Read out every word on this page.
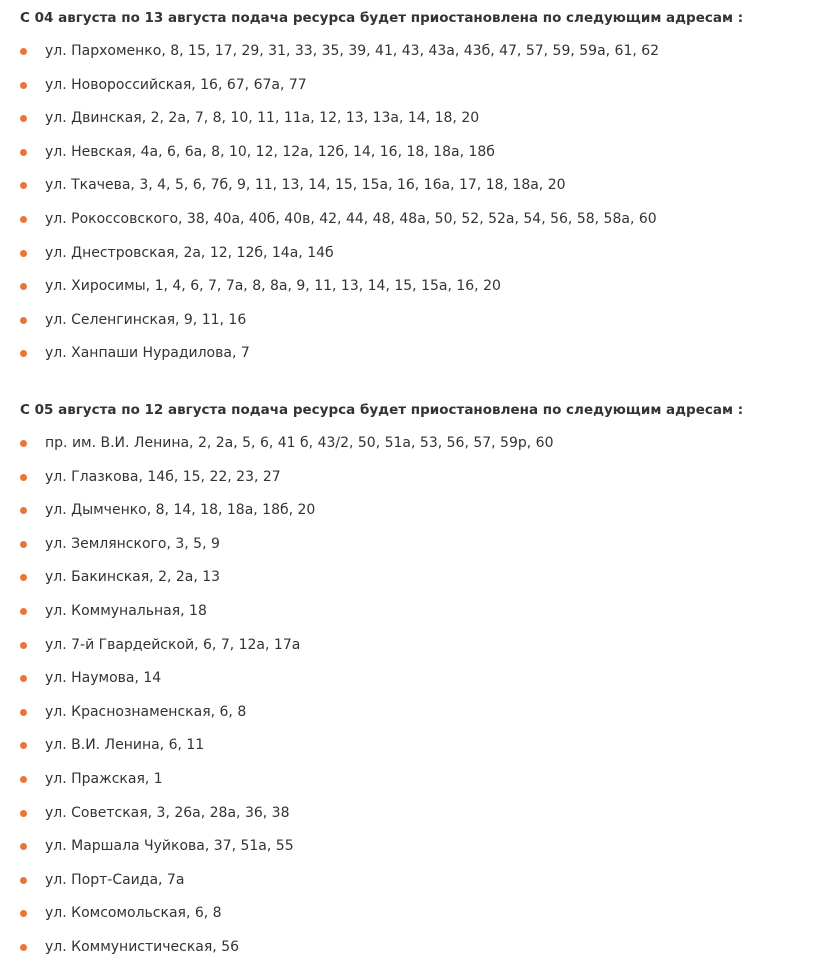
С 04 августа по 13 августа подача ресурса будет приостановлена по следующим адресам :

ул. Пархоменко, 8, 15, 17, 29, 31, 33, 35, 39, 41, 43, 43а, 43б, 47, 57, 59, 59а, 61, 62
ул. Новороссийская, 16, 67, 67а, 77
ул. Двинская, 2, 2а, 7, 8, 10, 11, 11а, 12, 13, 13а, 14, 18, 20
ул. Невская, 4а, 6, 6а, 8, 10, 12, 12а, 12б, 14, 16, 18, 18а, 18б
ул. Ткачева, 3, 4, 5, 6, 7б, 9, 11, 13, 14, 15, 15а, 16, 16а, 17, 18, 18а, 20
ул. Рокоссовского, 38, 40а, 40б, 40в, 42, 44, 48, 48а, 50, 52, 52а, 54, 56, 58, 58а, 60
ул. Днестровская, 2а, 12, 12б, 14а, 14б
ул. Хиросимы, 1, 4, 6, 7, 7а, 8, 8а, 9, 11, 13, 14, 15, 15а, 16, 20
ул. Селенгинская, 9, 11, 16
ул. Ханпаши Нурадилова, 7

С 05 августа по 12 августа подача ресурса будет приостановлена по следующим адресам :

пр. им. В.И. Ленина, 2, 2а, 5, 6, 41 б, 43/2, 50, 51а, 53, 56, 57, 59р, 60
ул. Глазкова, 14б, 15, 22, 23, 27
ул. Дымченко, 8, 14, 18, 18а, 18б, 20
ул. Землянского, 3, 5, 9
ул. Бакинская, 2, 2а, 13
ул. Коммунальная, 18
ул. 7-й Гвардейской, 6, 7, 12а, 17а
ул. Наумова, 14
ул. Краснознаменская, 6, 8
ул. В.И. Ленина, 6, 11
ул. Пражская, 1
ул. Советская, 3, 26а, 28а, 36, 38
ул. Маршала Чуйкова, 37, 51а, 55
ул. Порт-Саида, 7а
ул. Комсомольская, 6, 8
ул. Коммунистическая, 56
